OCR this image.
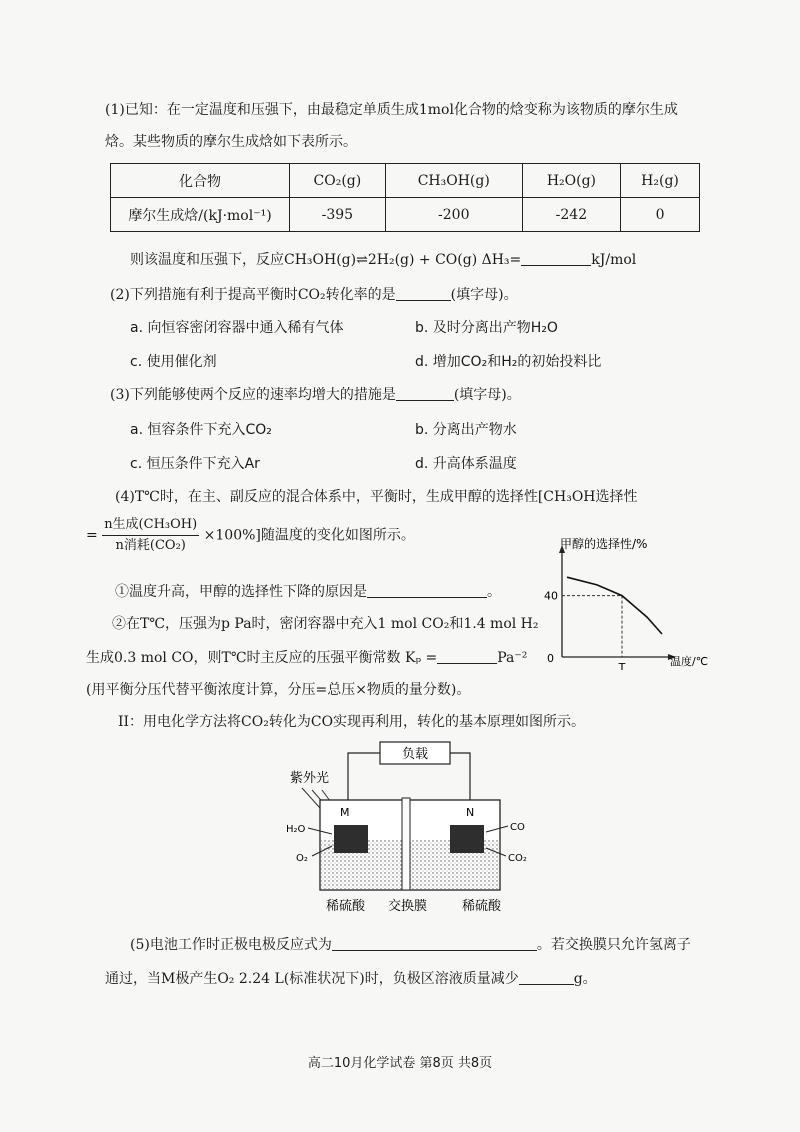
(1)已知：在一定温度和压强下，由最稳定单质生成1mol化合物的焓变称为该物质的摩尔生成
焓。某些物质的摩尔生成焓如下表所示。
化合物	CO₂(g)	CH₃OH(g)	H₂O(g)	H₂(g)
摩尔生成焓/(kJ·mol⁻¹)	-395	-200	-242	0
则该温度和压强下，反应CH₃OH(g)⇌2H₂(g) + CO(g) ΔH₃=	kJ/mol
(2)下列措施有利于提高平衡时CO₂转化率的是	(填字母)。
a. 向恒容密闭容器中通入稀有气体	b. 及时分离出产物H₂O
c. 使用催化剂	d. 增加CO₂和H₂的初始投料比
(3)下列能够使两个反应的速率均增大的措施是	(填字母)。
a. 恒容条件下充入CO₂	b. 分离出产物水
c. 恒压条件下充入Ar	d. 升高体系温度
(4)T℃时，在主、副反应的混合体系中，平衡时，生成甲醇的选择性[CH₃OH选择性
= $\frac{\text{n生成(CH₃OH)}}{\text{n消耗(CO₂)}} \times 100\%$]随温度的变化如图所示。
①温度升高，甲醇的选择性下降的原因是	。
②在T℃，压强为p Pa时，密闭容器中充入1 mol CO₂和1.4 mol H₂
生成0.3 mol CO，则T℃时主反应的压强平衡常数 Kₚ =	Pa⁻²
(用平衡分压代替平衡浓度计算，分压=总压×物质的量分数)。
甲醇的选择性/%
温度/℃
0
40
T
II：用电化学方法将CO₂转化为CO实现再利用，转化的基本原理如图所示。
负载
紫外光
M	N
H₂O
O₂
CO
CO₂
稀硫酸 交换膜	稀硫酸
(5)电池工作时正极电极反应式为	。若交换膜只允许氢离子
通过，当M极产生O₂ 2.24 L(标准状况下)时，负极区溶液质量减少	g。
高二10月化学试卷 第8页 共8页
